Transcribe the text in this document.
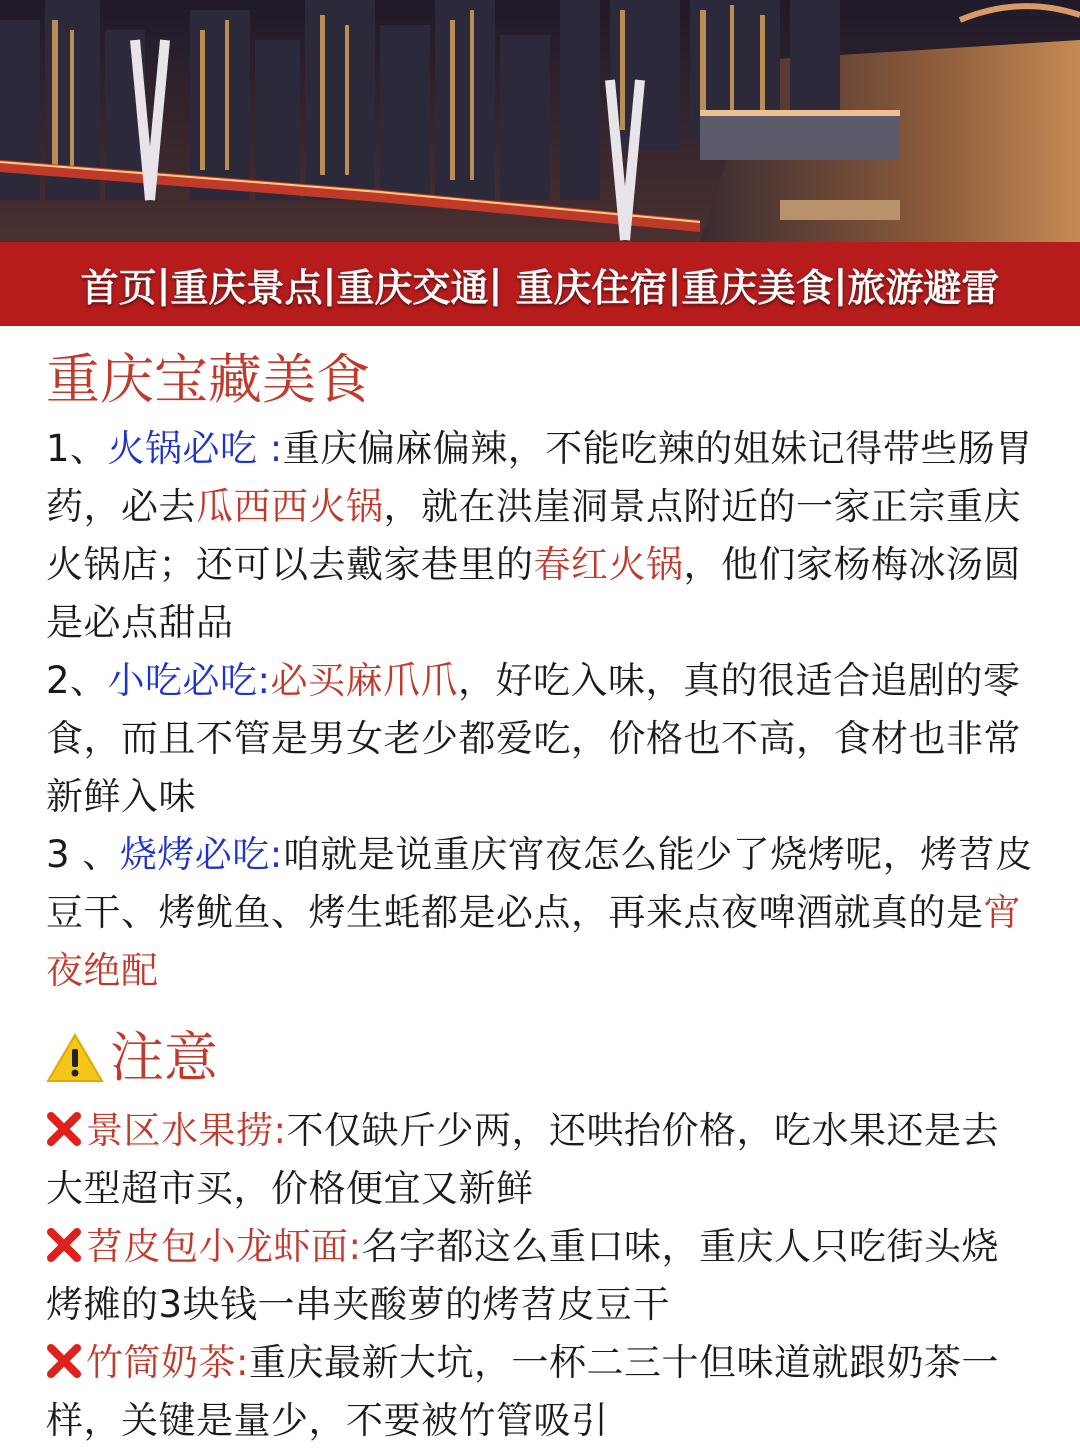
首页 | 重庆景点 | 重庆交通 | 重庆住宿 | 重庆美食 | 旅游避雷
重庆宝藏美食

1、火锅必吃 :重庆偏麻偏辣，不能吃辣的姐妹记得带些肠胃药，必去瓜西西火锅，就在洪崖洞景点附近的一家正宗重庆火锅店；还可以去戴家巷里的春红火锅，他们家杨梅冰汤圆是必点甜品

2、小吃必吃:必买麻爪爪，好吃入味，真的很适合追剧的零食，而且不管是男女老少都爱吃，价格也不高，食材也非常新鲜入味

3 、烧烤必吃:咱就是说重庆宵夜怎么能少了烧烤呢，烤苕皮豆干、烤鱿鱼、烤生蚝都是必点，再来点夜啤酒就真的是宵夜绝配

注意

景区水果捞:不仅缺斤少两，还哄抬价格，吃水果还是去大型超市买，价格便宜又新鲜

苕皮包小龙虾面:名字都这么重口味，重庆人只吃街头烧烤摊的3块钱一串夹酸萝的烤苕皮豆干

竹筒奶茶:重庆最新大坑，一杯二三十但味道就跟奶茶一样，关键是量少，不要被竹管吸引
